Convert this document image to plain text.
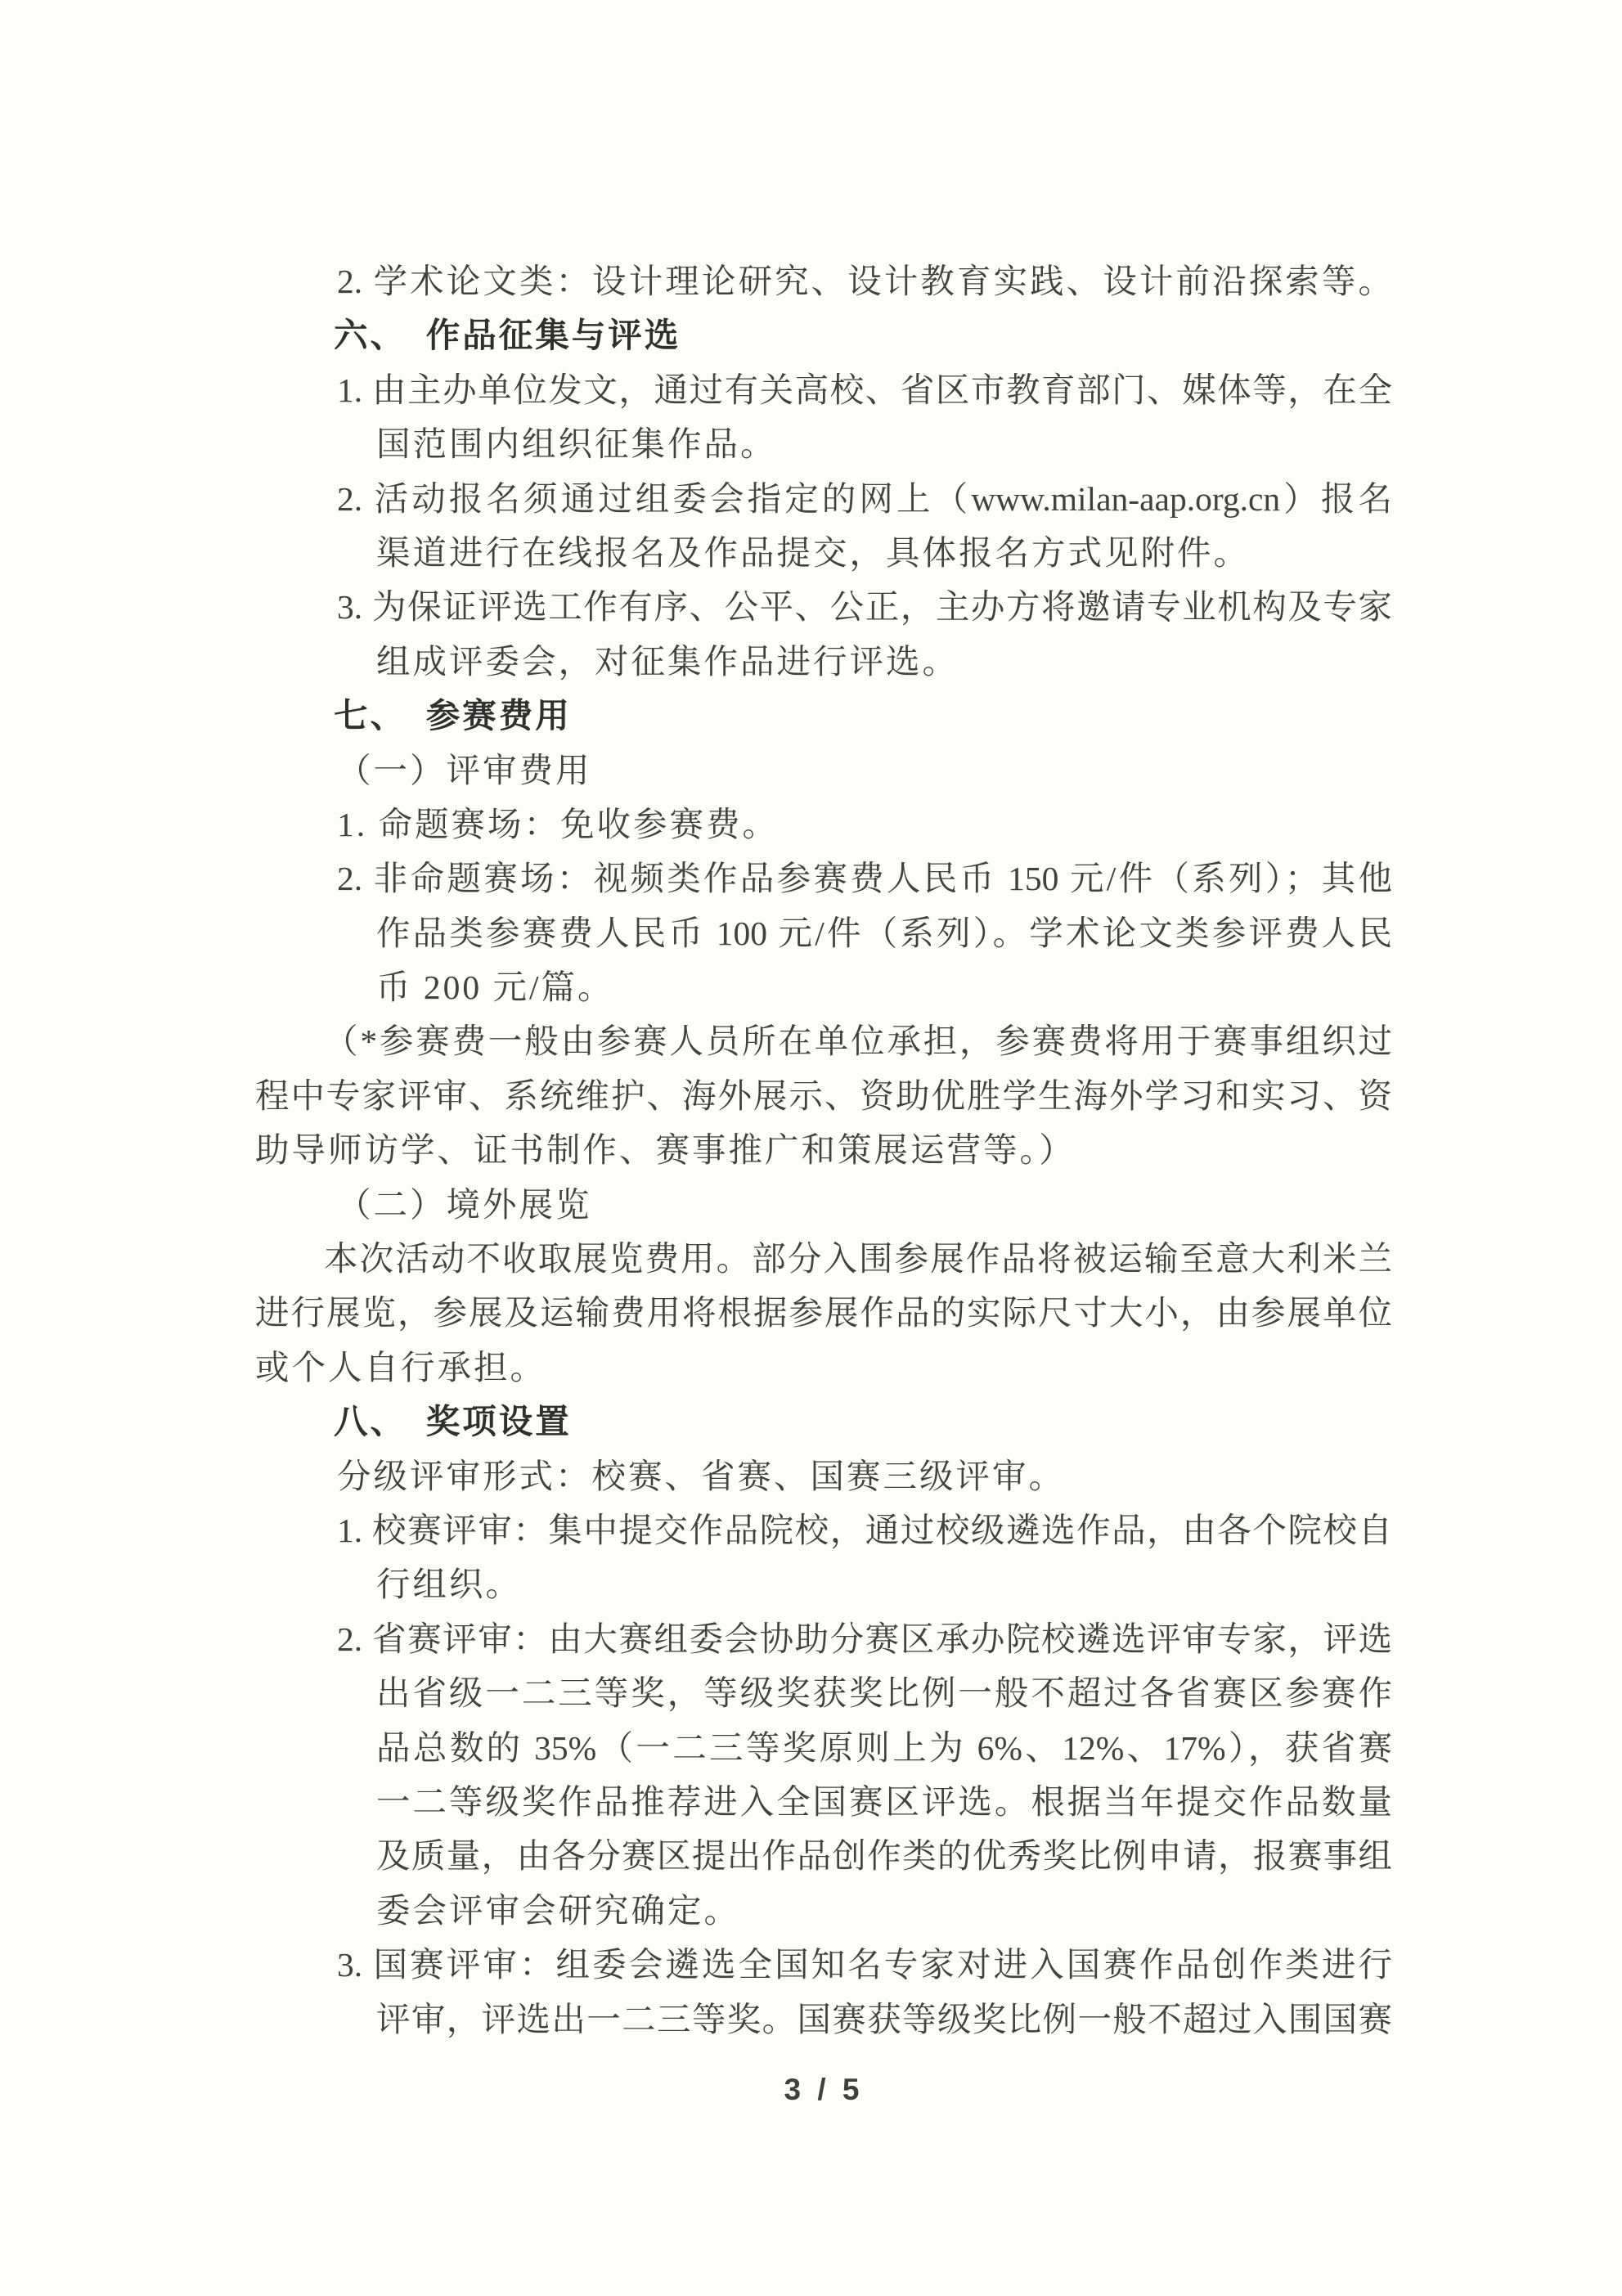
2. 学术论文类：设计理论研究、设计教育实践、设计前沿探索等。
六、　作品征集与评选
1. 由主办单位发文，通过有关高校、省区市教育部门、媒体等，在全
国范围内组织征集作品。
2. 活动报名须通过组委会指定的网上（www.milan-aap.org.cn）报名
渠道进行在线报名及作品提交，具体报名方式见附件。
3. 为保证评选工作有序、公平、公正，主办方将邀请专业机构及专家
组成评委会，对征集作品进行评选。
七、　参赛费用
（一）评审费用
1. 命题赛场：免收参赛费。
2. 非命题赛场：视频类作品参赛费人民币 150 元/件（系列）；其他
作品类参赛费人民币 100 元/件（系列）。学术论文类参评费人民
币 200 元/篇。
（*参赛费一般由参赛人员所在单位承担，参赛费将用于赛事组织过
程中专家评审、系统维护、海外展示、资助优胜学生海外学习和实习、资
助导师访学、证书制作、赛事推广和策展运营等。）
（二）境外展览
本次活动不收取展览费用。部分入围参展作品将被运输至意大利米兰
进行展览，参展及运输费用将根据参展作品的实际尺寸大小，由参展单位
或个人自行承担。
八、　奖项设置
分级评审形式：校赛、省赛、国赛三级评审。
1. 校赛评审：集中提交作品院校，通过校级遴选作品，由各个院校自
行组织。
2. 省赛评审：由大赛组委会协助分赛区承办院校遴选评审专家，评选
出省级一二三等奖，等级奖获奖比例一般不超过各省赛区参赛作
品总数的 35%（一二三等奖原则上为 6%、12%、17%），获省赛
一二等级奖作品推荐进入全国赛区评选。根据当年提交作品数量
及质量，由各分赛区提出作品创作类的优秀奖比例申请，报赛事组
委会评审会研究确定。
3. 国赛评审：组委会遴选全国知名专家对进入国赛作品创作类进行
评审，评选出一二三等奖。国赛获等级奖比例一般不超过入围国赛
3 / 5
